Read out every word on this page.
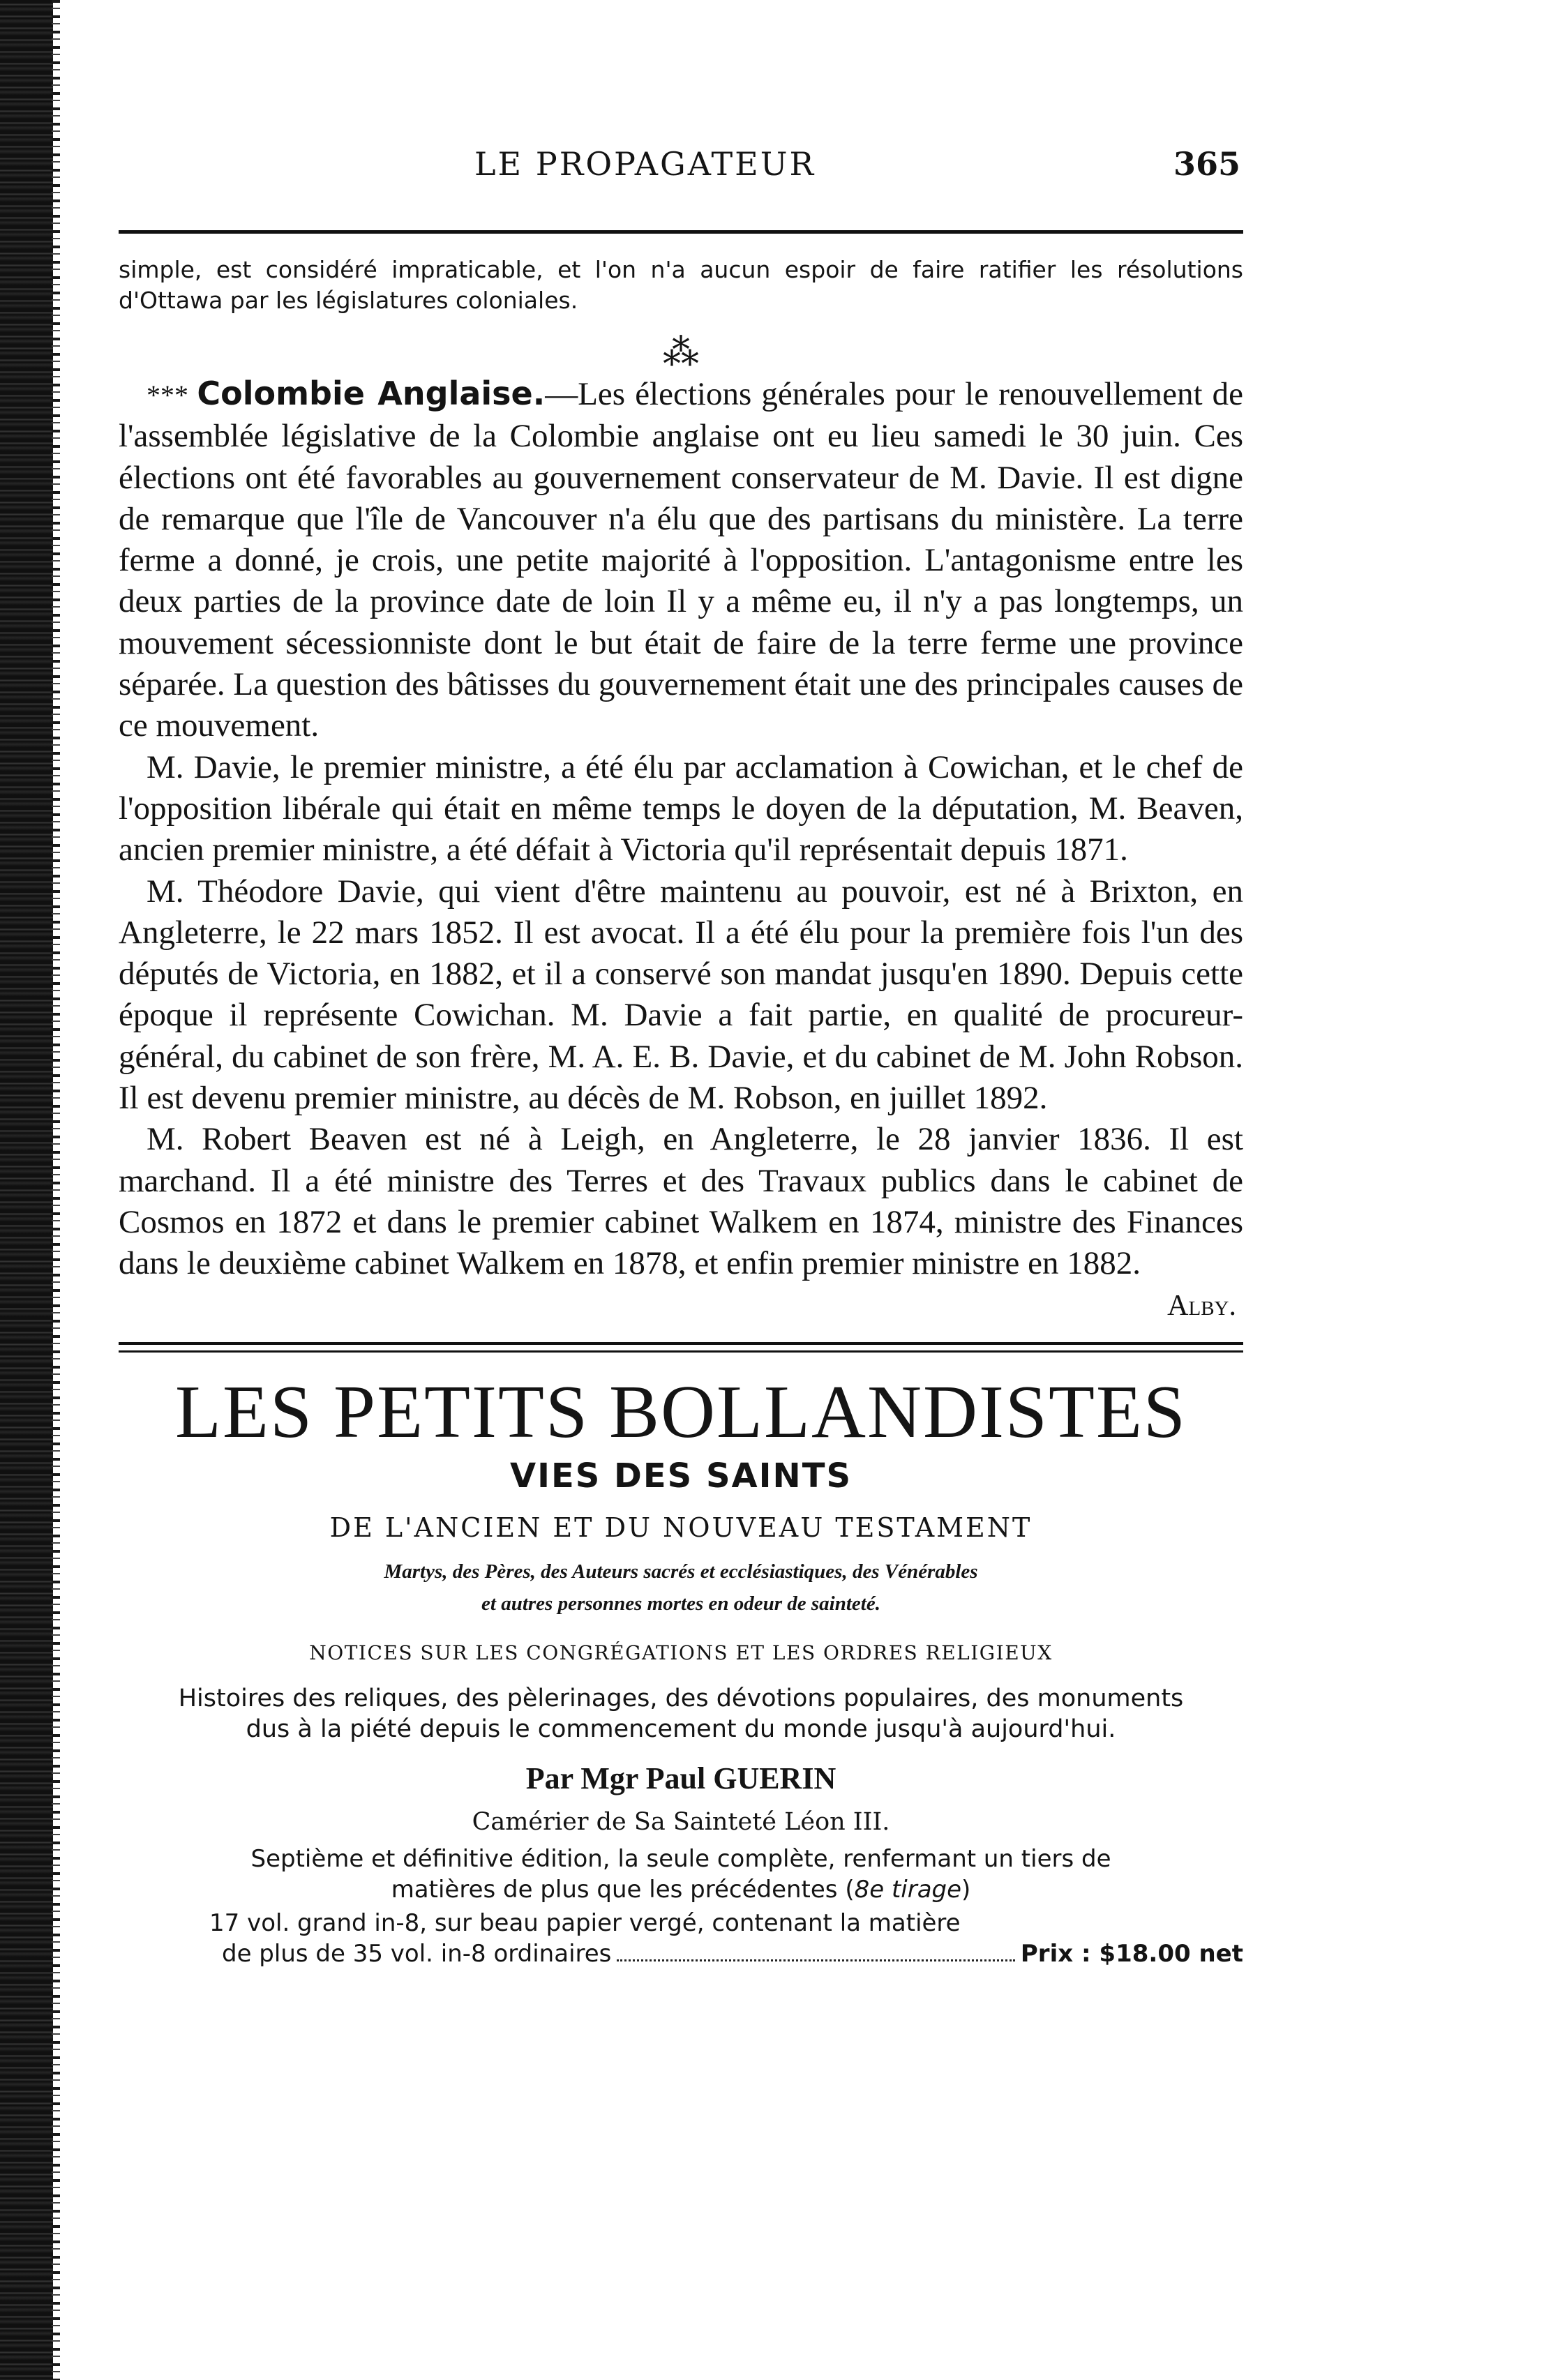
LE PROPAGATEUR	365

simple, est considéré impraticable, et l'on n'a aucun espoir de faire ratifier les résolutions d'Ottawa par les législatures coloniales.

⁂

*** Colombie Anglaise.—Les élections générales pour le renouvellement de l'assemblée législative de la Colombie anglaise ont eu lieu samedi le 30 juin. Ces élections ont été favorables au gouvernement conservateur de M. Davie. Il est digne de remarque que l'île de Vancouver n'a élu que des partisans du ministère. La terre ferme a donné, je crois, une petite majorité à l'opposition. L'antagonisme entre les deux parties de la province date de loin Il y a même eu, il n'y a pas longtemps, un mouvement sécessionniste dont le but était de faire de la terre ferme une province séparée. La question des bâtisses du gouvernement était une des principales causes de ce mouvement.

M. Davie, le premier ministre, a été élu par acclamation à Cowichan, et le chef de l'opposition libérale qui était en même temps le doyen de la députation, M. Beaven, ancien premier ministre, a été défait à Victoria qu'il représentait depuis 1871.

M. Théodore Davie, qui vient d'être maintenu au pouvoir, est né à Brixton, en Angleterre, le 22 mars 1852. Il est avocat. Il a été élu pour la première fois l'un des députés de Victoria, en 1882, et il a conservé son mandat jusqu'en 1890. Depuis cette époque il représente Cowichan. M. Davie a fait partie, en qualité de procureur-général, du cabinet de son frère, M. A. E. B. Davie, et du cabinet de M. John Robson. Il est devenu premier ministre, au décès de M. Robson, en juillet 1892.

M. Robert Beaven est né à Leigh, en Angleterre, le 28 janvier 1836. Il est marchand. Il a été ministre des Terres et des Travaux publics dans le cabinet de Cosmos en 1872 et dans le premier cabinet Walkem en 1874, ministre des Finances dans le deuxième cabinet Walkem en 1878, et enfin premier ministre en 1882.

Alby.
LES PETITS BOLLANDISTES
VIES DES SAINTS
DE L'ANCIEN ET DU NOUVEAU TESTAMENT
Martys, des Pères, des Auteurs sacrés et ecclésiastiques, des Vénérables
et autres personnes mortes en odeur de sainteté.
NOTICES SUR LES CONGRÉGATIONS ET LES ORDRES RELIGIEUX
Histoires des reliques, des pèlerinages, des dévotions populaires, des monuments
dus à la piété depuis le commencement du monde jusqu'à aujourd'hui.
Par Mgr Paul GUERIN
Camérier de Sa Sainteté Léon III.
Septième et définitive édition, la seule complète, renfermant un tiers de
matières de plus que les précédentes (8e tirage)
17 vol. grand in-8, sur beau papier vergé, contenant la matière
de plus de 35 vol. in-8 ordinaires	Prix : $18.00 net
